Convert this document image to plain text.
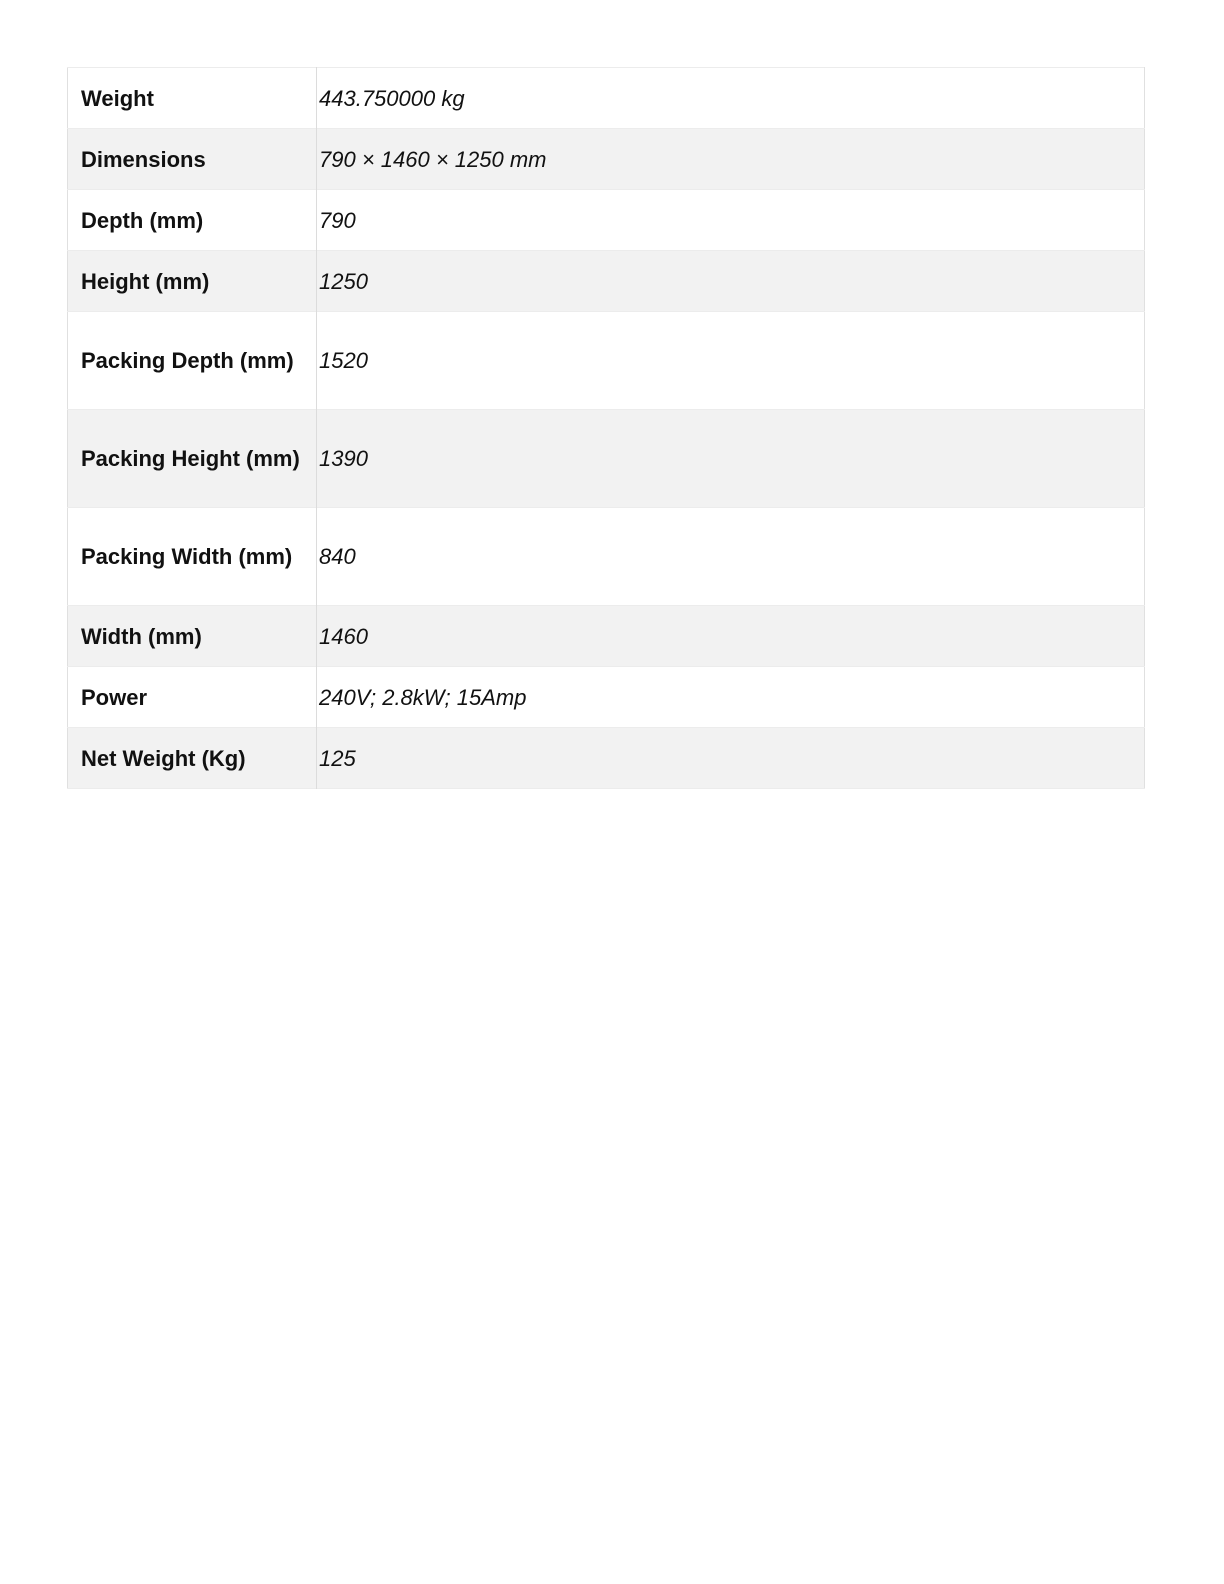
Weight	443.750000 kg
Dimensions	790 × 1460 × 1250 mm
Depth (mm)	790
Height (mm)	1250
Packing Depth (mm)	1520
Packing Height (mm)	1390
Packing Width (mm)	840
Width (mm)	1460
Power	240V; 2.8kW; 15Amp
Net Weight (Kg)	125
